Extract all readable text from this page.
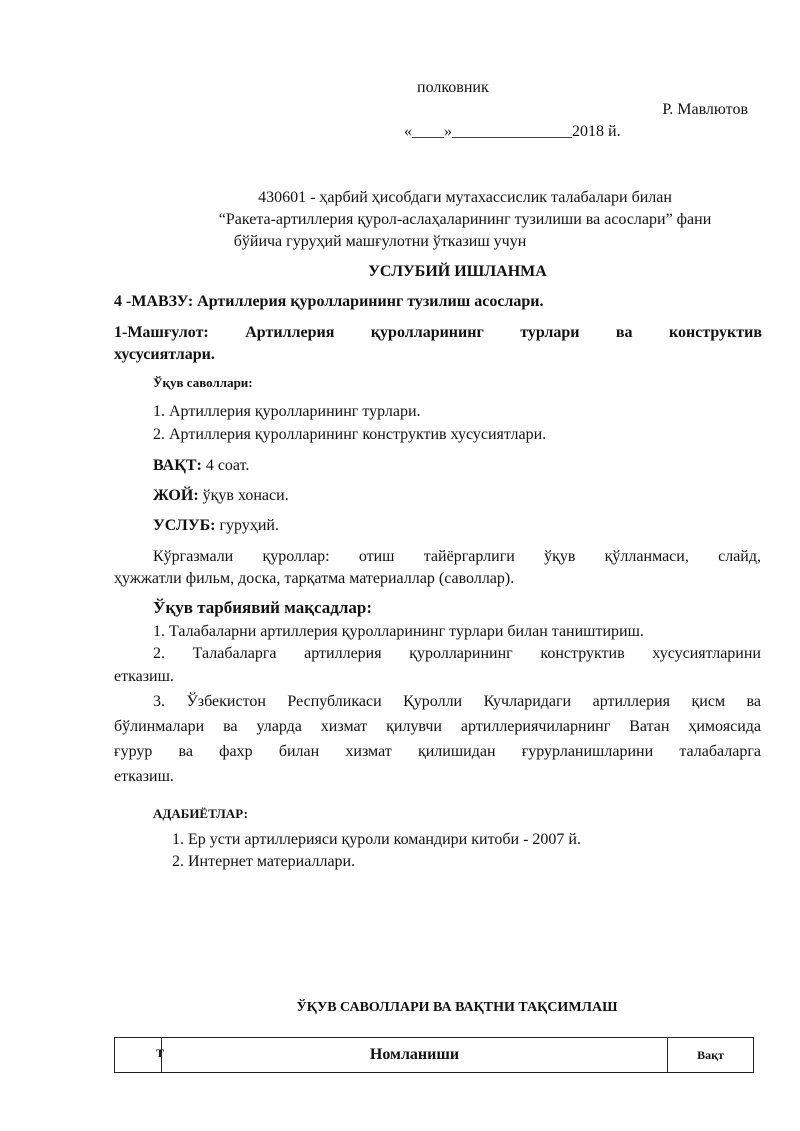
полковник
Р. Мавлютов
«____»_______________2018 й.
430601 - ҳарбий ҳисобдаги мутахассислик талабалари билан
“Ракета-артиллерия қурол-аслаҳаларининг тузилиши ва асослари” фани
бўйича гуруҳий машғулотни ўтказиш учун
УСЛУБИЙ ИШЛАНМА
4 -МАВЗУ: Артиллерия қуролларининг тузилиш асослари.
1-Машғулот: Артиллерия қуролларининг турлари ва конструктив
хусусиятлари.
Ўқув саволлари:
1. Артиллерия қуролларининг турлари.
2. Артиллерия қуролларининг конструктив хусусиятлари.
ВАҚТ: 4 соат.
ЖОЙ: ўқув хонаси.
УСЛУБ: гуруҳий.
Кўргазмали қуроллар: отиш тайёргарлиги ўқув қўлланмаси, слайд,
ҳужжатли фильм, доска, тарқатма материаллар (саволлар).
Ўқув тарбиявий мақсадлар:
1. Талабаларни артиллерия қуролларининг турлари билан таништириш.
2. Талабаларга артиллерия қуролларининг конструктив хусусиятларини
етказиш.
3. Ўзбекистон Республикаси Қуролли Кучларидаги артиллерия қисм ва
бўлинмалари ва уларда хизмат қилувчи артиллериячиларнинг Ватан ҳимоясида
ғурур ва фахр билан хизмат қилишидан ғурурланишларини талабаларга
етказиш.
АДАБИЁТЛАР:
1. Ер усти артиллерияси қуроли командири китоби - 2007 й.
2. Интернет материаллари.
ЎҚУВ САВОЛЛАРИ ВА ВАҚТНИ ТАҚСИМЛАШ
Т	Номланиши	Вақт
